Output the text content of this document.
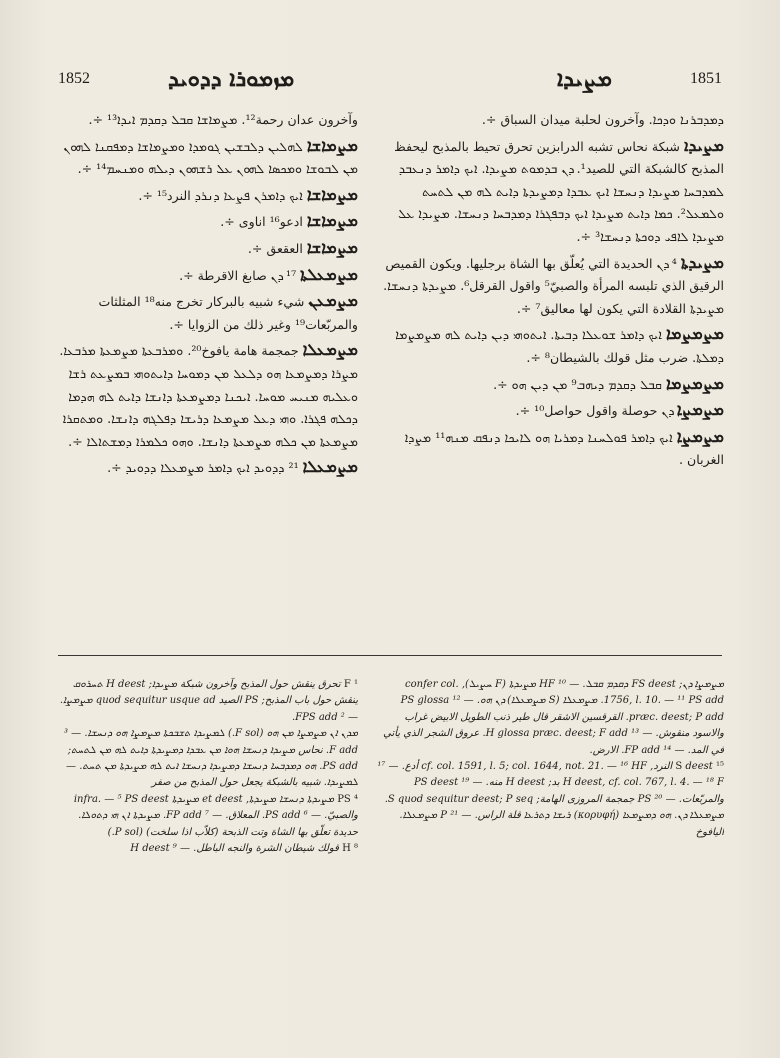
1852	ܡܙܡܘܪܐ ܕܕܘܝܕ	ܡܨܝܕܐ	1851

وآخرون عدان رحمة¹². ܡܨܡܐܫܐ ܩܒܠ ܕܩܕܡ ܐܝܕܐ¹³ ÷.

ܡܨܡܐܫܐ ܠܗܠܝܢ ܕܠܒܫܝܢ ܓܘܡܕܐ ܘܡܨܡܐܫܐ ܕܡܦܩܢܐ ܠܗܘܢ ܡܢ ܠܒܘܫܐ ܘܡܟܣܐ ܠܗܘܢ ܥܠ ܪܫܗܘܢ ܕܝܠܗ ܘܡܢܚܡ¹⁴ ÷.

ܡܨܡܐܫܐ ܐܝܟ ܕܐܡܪܢ ܦܨܥܐ ܕܢܪܕ النرد¹⁵ ÷.

ܡܨܡܐܫܐ ادعو¹⁶ اناوى ÷.

ܡܨܡܐܫܐ العقعق ÷.

ܡܨܡܥܠܬܐ ¹⁷ ܕܢ صابغ الاقرطة ÷.

ܡܨܡܥܢ شيء شبيه بالبركار تخرج منه¹⁸ المثلثات والمربّعات¹⁹ وغير ذلك من الزوايا ÷.

ܡܨܡܥܠܐ جمجمة هامة يافوخ²⁰. ܘܡܪܒܥܬܐ ܡܨܡܥܬܐ ܡܪܒܥܐ. ܡܨܪܐ ܕܡܨܡܥܐ ܗܘ ܕܠܥܠ ܡܢ ܕܡܘܚܐ ܕܐܝܬܘܗܝ ܒܡܨܥܬ ܪܫܐ ܘܥܠܝܗ ܡܢܝܚ ܡܘܚܐ. ܐܝܟܢܐ ܕܡܨܡܥܬܐ ܕܐܢܫܐ ܕܐܝܬ ܠܗ ܗܕܡܐ ܕܟܠܗ ܦܓܪܐ. ܘܗܝ ܕܥܠ ܡܨܡܥܐ ܕܪܝܫܐ ܕܦܠܓܗ ܕܐܢܫܐ. ܘܡܬܩܪܐ ܡܨܡܥܬܐ ܡܢ ܟܠܗ ܡܨܡܥܬܐ ܕܐܢܫܐ. ܘܗܘ ܟܠܡܪܐ ܕܡܫܬܐܠܐ ÷.

ܡܨܡܥܠܐ ²¹ ܕܕܘܝܕ ܐܝܟ ܕܐܡܪ ܡܨܡܥܠܐ ܕܕܘܝܕ ÷.

ܕܡܕܒܪܢܐ ܘܕܟܐ. وآخرون لحلبة ميدان السباق ÷.

ܡܨܝܕܐ شبكة نحاس تشبه الدرابزين تحرق تحيط بالمذبح ليحفظ المذبح كالشبكة التي للصيد¹. ܕܢ ܒܕܡܘܬ ܡܨܝܕܐ. ܐܝܟ ܕܐܡܪ ܕܢܥܒܕ ܠܡܕܒܚܐ ܡܨܝܕܐ ܕܢܚܫܐ ܐܝܟ ܥܒܕܐ ܕܡܨܝܕܬܐ ܕܐܝܬ ܠܗ ܡܢ ܠܬܚܬ ܘܠܡܥܠ². ܟܡܐ ܕܐܝܬ ܡܨܝܕܐ ܐܝܟ ܕܒܦܓܪܐ ܕܡܕܒܚܐ ܕܢܚܫܐ. ܡܨܝܕܐ ܥܠ ܡܨܝܕܐ ܠܐܦܝ ܕܘܟܬܐ ܕܢܚܫܐ³ ÷.

ܡܨܝܕܬܐ ⁴ ܕܢ الحديدة التي يُعلّق بها الشاة برجليها. ويكون القميص الرقيق الذي تلبسه المرأة والصبيّ⁵ واقول القرقل⁶. ܡܨܝܕܬܐ ܕܢܚܫܐ. ܡܨܝܕܬܐ القلادة التي يكون لها معاليق⁷ ÷.

ܡܨܡܨܡܐ ܐܝܟ ܕܐܡܪ ܫܘܥܠܐ ܕܒܝܬܐ. ܐܝܬܘܗܝ ܕܝܢ ܕܐܝܬ ܠܗ ܡܨܡܨܡܐ ܕܡܠܬܐ. ضرب مثل قولك بالشيطان⁸ ÷.

ܡܨܡܨܡܐ ܩܒܠ ܕܩܕܡ ܕܝܗܒ⁹ ܡܢ ܕܝܢ ܗܘ ÷.

ܡܨܡܨܐ ܕܢ حوصلة واقول حواصل¹⁰ ÷.

ܡܨܡܨܐ ܐܝܟ ܕܐܡܪ ܦܘܠܚܢܐ ܕܡܪܝܐ ܗܘ ܠܐܝܟܐ ܕܢܦܩ ܡܢܗ¹¹ ܡܨܕܐ الغربان .

¹ F تحرق ينقش حول المذبح وآخرون شبكة ܡܨܝܕܐ; H deest ܬܚܪܘܩ ينقش حول باب المذبح; PS الصيد quod sequitur usque ad ܡܨܡܨܐ. — ² FPS add.

ܡܕܢ ܐܢ ܡܨܡܨܐ ܡܢ ܗܘ (F sol.) ܠܡܨܝܕܐ ܬܫܒܟܬܐ ܡܨܡܨܐ ܗܘ ܕܢܚܫܐ. — ³ F add. نحاس ܡܨܝܕܐ ܕܢܚܫܐ ܗܘܐ ܡܢ ܥܒܕܐ ܕܡܨܝܕܬܐ ܕܐܝܬ ܠܗ ܡܢ ܠܬܚܬ; PS add. ܗܘ ܕܡܕܒܚܐ ܕܢܚܫܐ ܕܡܨܝܕܐ ܕܢܚܫܐ ܐܝܬ ܠܗ ܡܨܝܕܬܐ ܡܢ ܬܚܬ. — ܠܡܨܝܕܐ. شبيه بالشبكة يجعل حول المذبح من صفر

⁴ PS ܡܨܝܕܬܐ ܕܢܚܫܐ ܡܨܝܕܬܐ, et deest ܡܨܝܕܬܐ infra. — ⁵ PS deest والصبيّ. — ⁶ PS add. المعلاق. — ⁷ FP add. ܡܨܝܕܬܐ ܐܢ ܗܝ ܕܬܘܠܐ. حديدة تعلّق بها الشاة وتت الذبحة (كلاّب اذا سلخت) (P sol.)

⁸ H قولك شيطان الشرة والنجه الباطل. — ⁹ H deest

ܡܨܡܨܐ ܕܢ; FS deest ܕܩܕܡ ܩܒܠ. — ¹⁰ HF ܡܨܝܕܬܐ (F ܚܨܝܠ), confer col. 1756, l. 10. — ¹¹ PS add. ܡܨܡܥܠܐ (S ܡܨܡܥܠܐ) ܕܢ ܗܘ. — ¹² PS glossa præc. deest; P add. القرقسين الاشقر قال طير ذنب الطويل الابيض غراب والاسود منقوش. — ¹³ H glossa præc. deest; F add. عروق الشجر الذي يأتي في المد. — ¹⁴ FP add. الارض.

¹⁵ S deest النرد, cf. col. 1591, l. 5; col. 1644, not. 21. — ¹⁶ HF أدع. — ¹⁷ H deest, cf. col. 767, l. 4. — ¹⁸ F بد; H deest منه. — ¹⁹ PS deest والمربّعات. — ²⁰ PS جمجمة المروزى الهامة; S quod sequitur deest; P seq. ܡܨܡܥܠܐ ܕܢ. ܗܘ ܕܡܨܡܥܐ (κορυφή) ܪܝܫܐ ܕܬܪܥܐ قلة الراس. — ²¹ P ܡܨܡܥܠܐ. اليافوخ
